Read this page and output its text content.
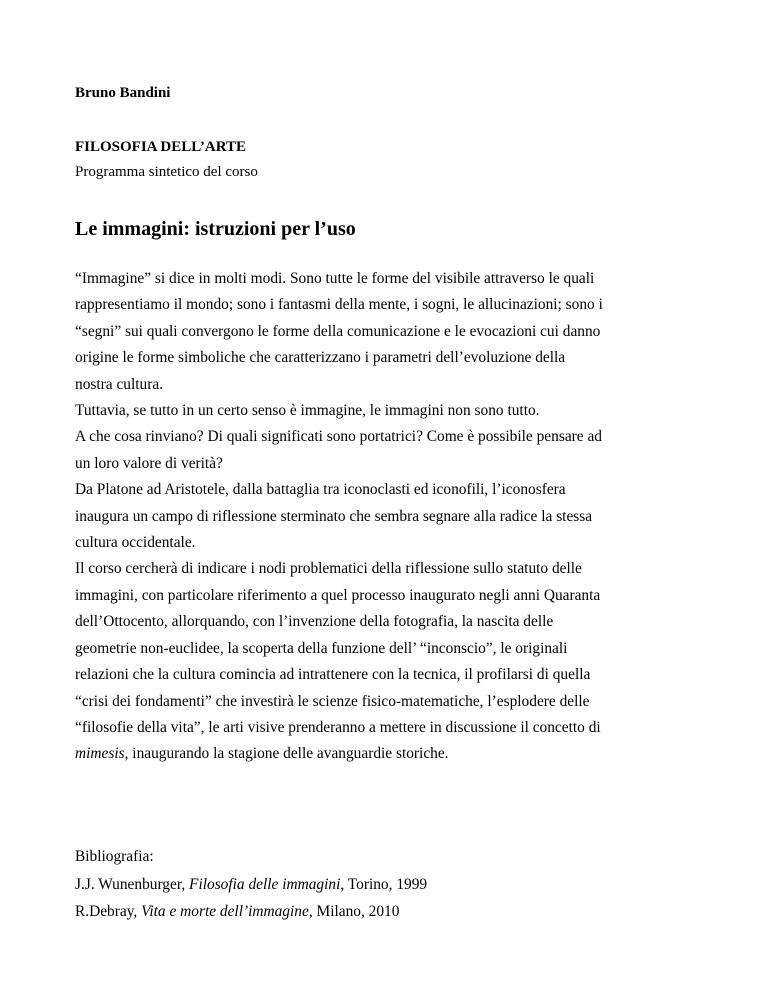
Bruno Bandini
FILOSOFIA DELL’ARTE
Programma sintetico del corso
Le immagini: istruzioni per l’uso
“Immagine” si dice in molti modi. Sono tutte le forme del visibile attraverso le quali
rappresentiamo il mondo; sono i fantasmi della mente, i sogni, le allucinazioni; sono i
“segni” sui quali convergono le forme della comunicazione e le evocazioni cui danno
origine le forme simboliche che caratterizzano i parametri dell’evoluzione della
nostra cultura.
Tuttavia, se tutto in un certo senso è immagine, le immagini non sono tutto.
A che cosa rinviano? Di quali significati sono portatrici? Come è possibile pensare ad
un loro valore di verità?
Da Platone ad Aristotele, dalla battaglia tra iconoclasti ed iconofili, l’iconosfera
inaugura un campo di riflessione sterminato che sembra segnare alla radice la stessa
cultura occidentale.
Il corso cercherà di indicare i nodi problematici della riflessione sullo statuto delle
immagini, con particolare riferimento a quel processo inaugurato negli anni Quaranta
dell’Ottocento, allorquando, con l’invenzione della fotografia, la nascita delle
geometrie non-euclidee, la scoperta della funzione dell’ “inconscio”, le originali
relazioni che la cultura comincia ad intrattenere con la tecnica, il profilarsi di quella
“crisi dei fondamenti” che investirà le scienze fisico-matematiche, l’esplodere delle
“filosofie della vita”, le arti visive prenderanno a mettere in discussione il concetto di
mimesis, inaugurando la stagione delle avanguardie storiche.
Bibliografia:
J.J. Wunenburger, Filosofia delle immagini, Torino, 1999
R.Debray, Vita e morte dell’immagine, Milano, 2010
